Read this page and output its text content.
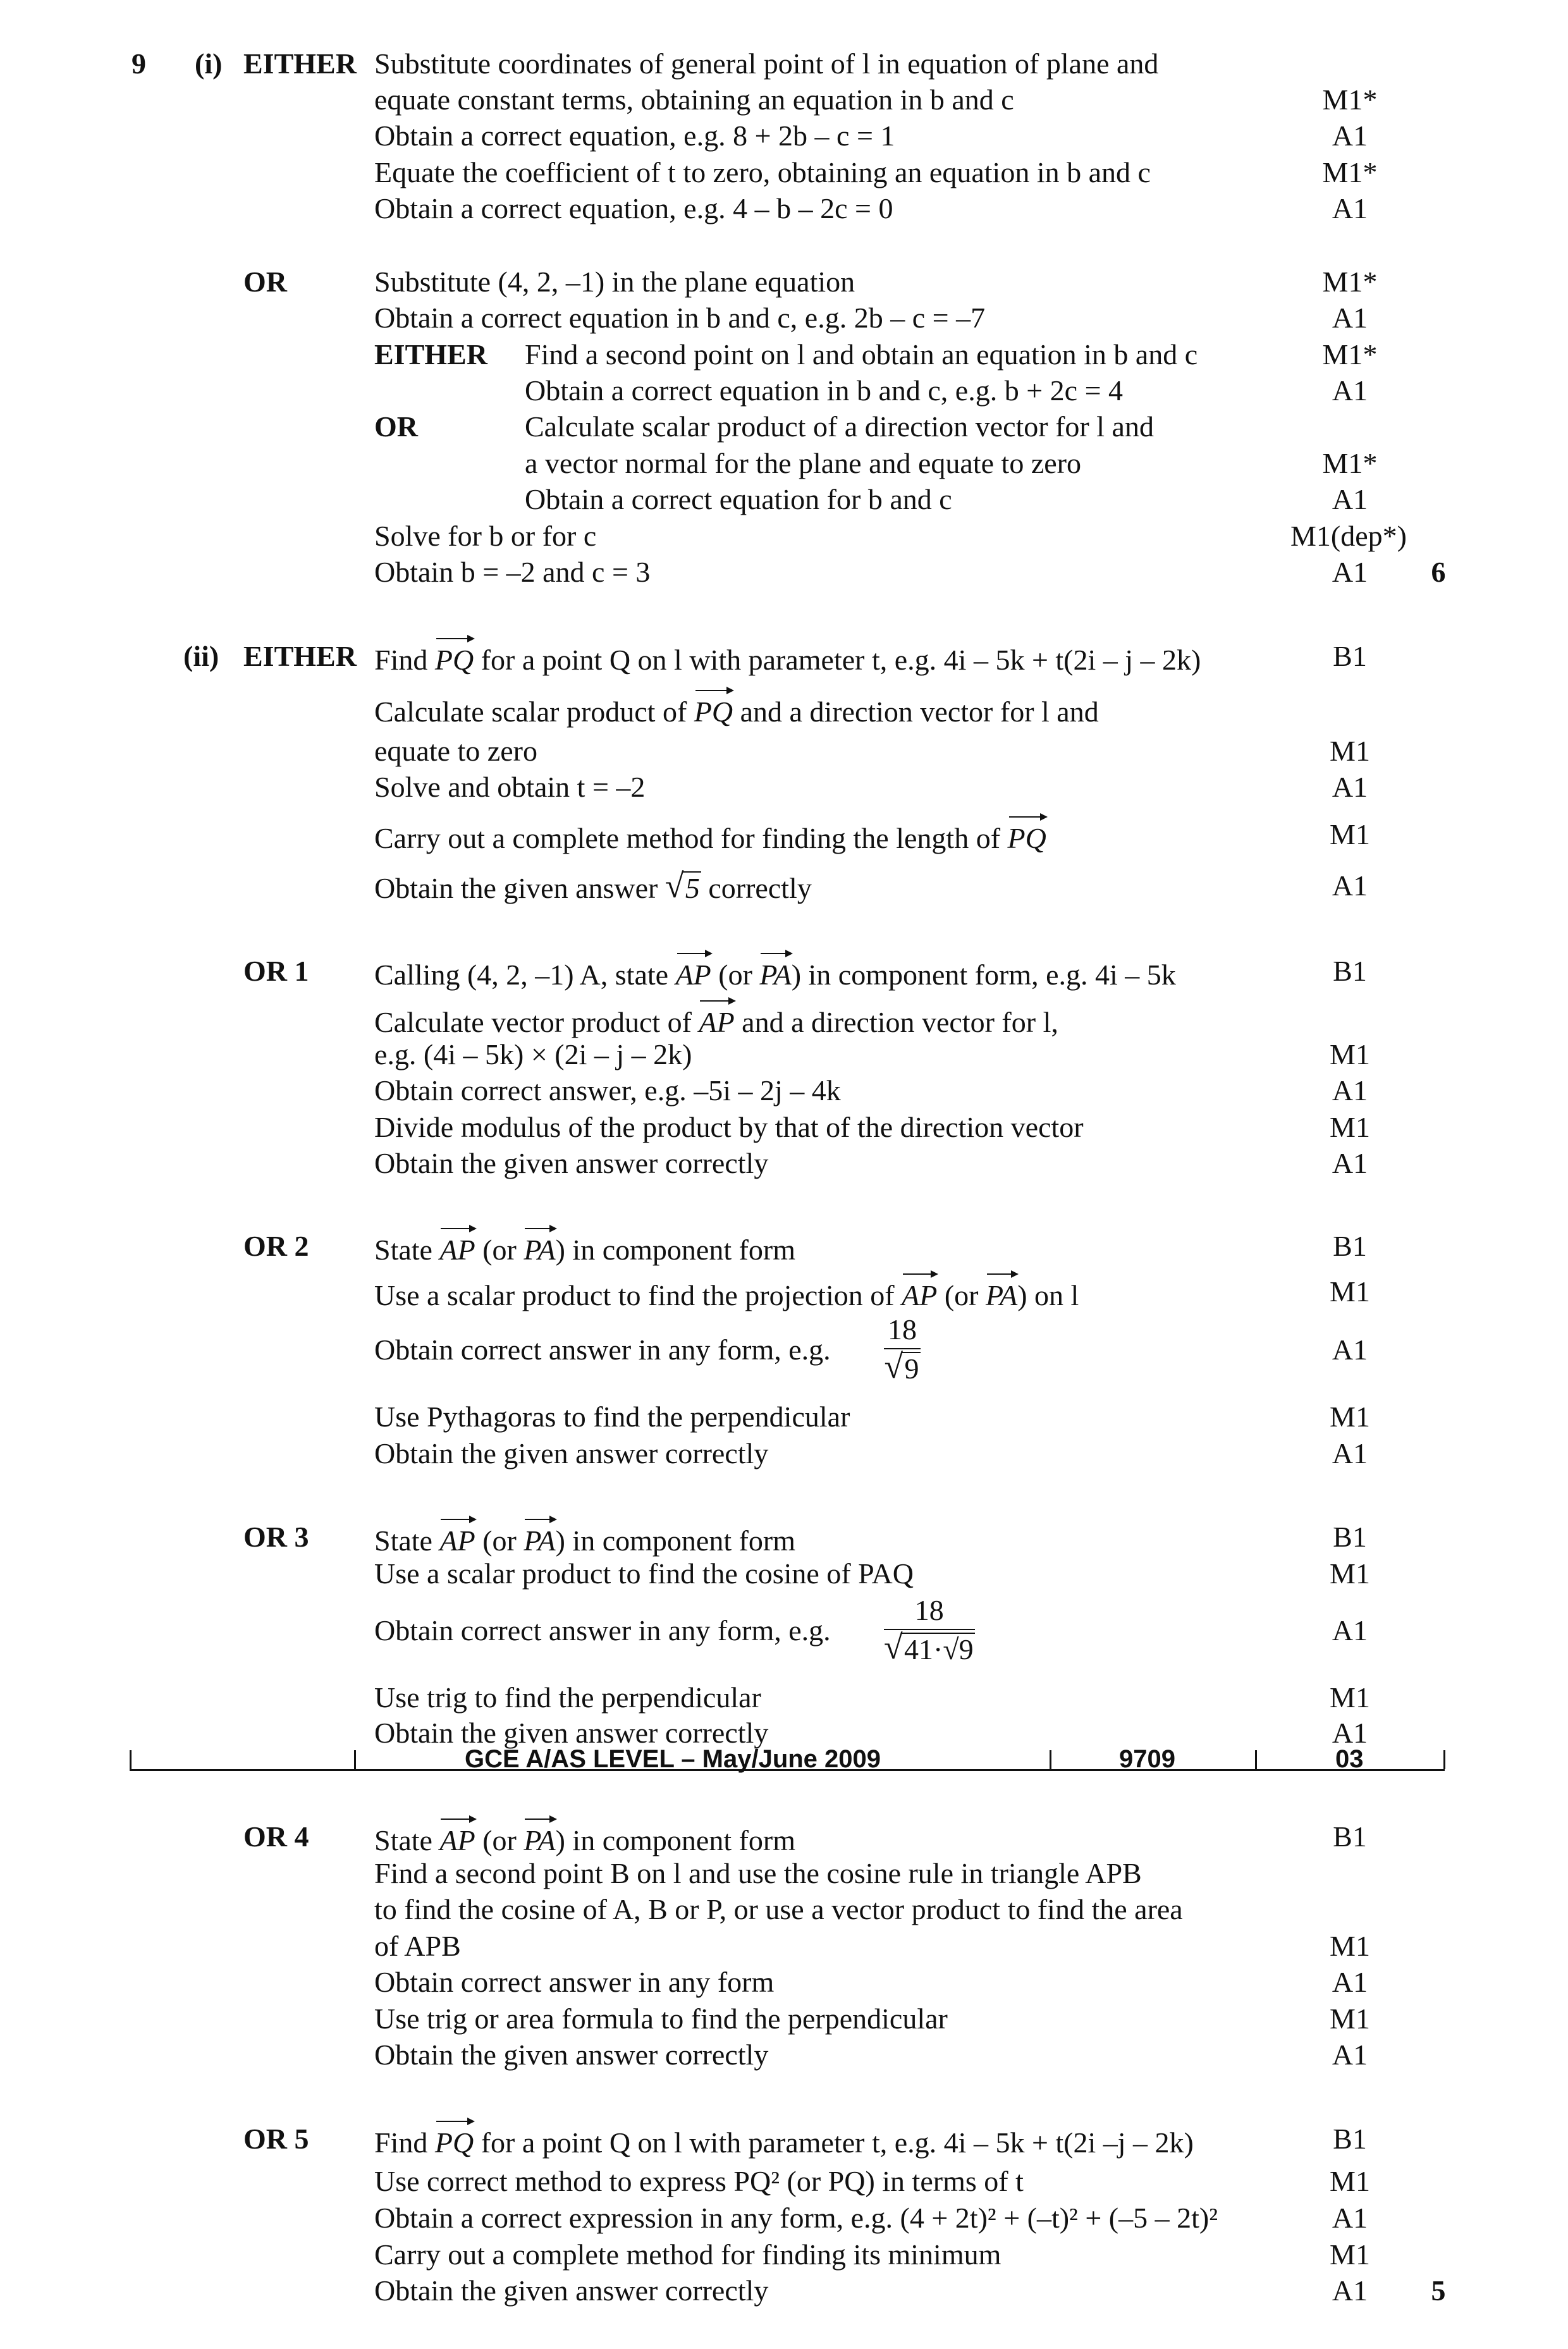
9 (i) EITHER Substitute coordinates of general point of l in equation of plane and
equate constant terms, obtaining an equation in b and c	M1*
Obtain a correct equation, e.g. 8 + 2b – c = 1	A1
Equate the coefficient of t to zero, obtaining an equation in b and c	M1*
Obtain a correct equation, e.g. 4 – b – 2c = 0	A1
OR	Substitute (4, 2, –1) in the plane equation	M1*
Obtain a correct equation in b and c, e.g. 2b – c = –7	A1
EITHER Find a second point on l and obtain an equation in b and c	M1*
Obtain a correct equation in b and c, e.g. b + 2c = 4	A1
OR	Calculate scalar product of a direction vector for l and
a vector normal for the plane and equate to zero	M1*
Obtain a correct equation for b and c	A1
Solve for b or for c	M1(dep*)
Obtain b = –2 and c = 3	A1	6
(ii) EITHER Find PQ for a point Q on l with parameter t, e.g. 4i – 5k + t(2i – j – 2k)	B1
Calculate scalar product of PQ and a direction vector for l and
equate to zero	M1
Solve and obtain t = –2	A1
Carry out a complete method for finding the length of PQ	M1
Obtain the given answer √ 5 correctly	A1
OR 1 Calling (4, 2, –1) A, state AP (or PA) in component form, e.g. 4i – 5k	B1
Calculate vector product of AP and a direction vector for l,
e.g. (4i – 5k) × (2i – j – 2k)	M1
Obtain correct answer, e.g. –5i – 2j – 4k	A1
Divide modulus of the product by that of the direction vector	M1
Obtain the given answer correctly	A1
OR 2 State AP (or PA) in component form	B1
Use a scalar product to find the projection of AP (or PA) on l	M1
Obtain correct answer in any form, e.g. $\frac{18}{√ 9}$	A1
Use Pythagoras to find the perpendicular	M1
Obtain the given answer correctly	A1
OR 3 State AP (or PA) in component form	B1
Use a scalar product to find the cosine of PAQ	M1
Obtain correct answer in any form, e.g. $\frac{18}{√ 41\cdot√9}$	A1
Use trig to find the perpendicular	M1
Obtain the given answer correctly	A1
GCE A/AS LEVEL – May/June 2009	9709	03
OR 4 State AP (or PA) in component form	B1
Find a second point B on l and use the cosine rule in triangle APB
to find the cosine of A, B or P, or use a vector product to find the area
of APB	M1
Obtain correct answer in any form	A1
Use trig or area formula to find the perpendicular	M1
Obtain the given answer correctly	A1
OR 5 Find PQ for a point Q on l with parameter t, e.g. 4i – 5k + t(2i –j – 2k)	B1
Use correct method to express PQ² (or PQ) in terms of t	M1
Obtain a correct expression in any form, e.g. (4 + 2t)² + (–t)² + (–5 – 2t)²	A1
Carry out a complete method for finding its minimum	M1
Obtain the given answer correctly	A1	5
